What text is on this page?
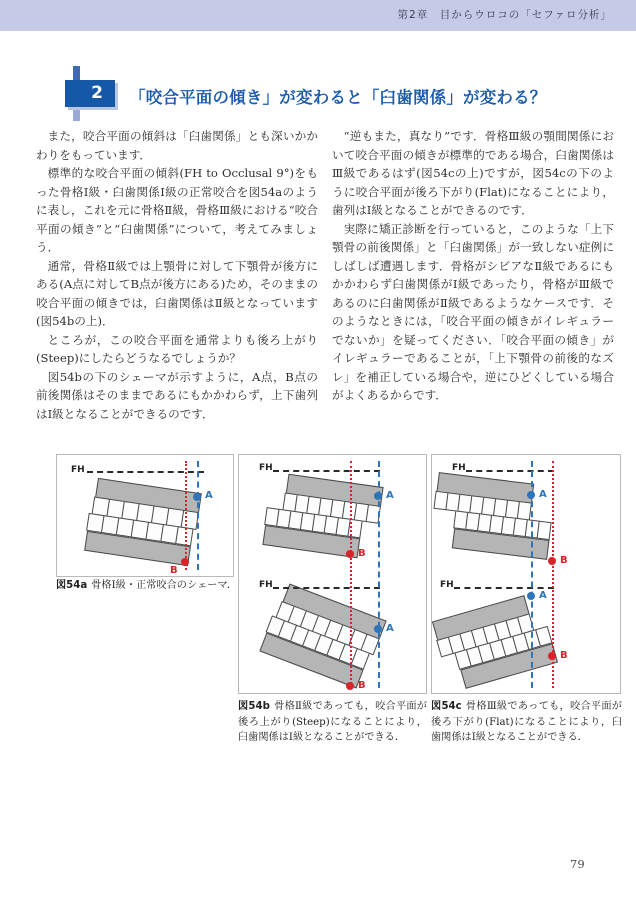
第2章　目からウロコの「セファロ分析」
2	「咬合平面の傾き」が変わると「臼歯関係」が変わる？

また，咬合平面の傾斜は「臼歯関係」とも深いかかわりをもっています．

標準的な咬合平面の傾斜(FH to Occlusal 9°)をもった骨格Ⅰ級・臼歯関係Ⅰ級の正常咬合を図54aのように表し，これを元に骨格Ⅱ級，骨格Ⅲ級における“咬合平面の傾き”と“臼歯関係”について，考えてみましょう．

通常，骨格Ⅱ級では上顎骨に対して下顎骨が後方にある(A点に対してB点が後方にある)ため，そのままの咬合平面の傾きでは，臼歯関係はⅡ級となっています(図54bの上)．

ところが，この咬合平面を通常よりも後ろ上がり(Steep)にしたらどうなるでしょうか？

図54bの下のシェーマが示すように，A点，B点の前後関係はそのままであるにもかかわらず，上下歯列はⅠ級となることができるのです．

“逆もまた，真なり”です．骨格Ⅲ級の顎間関係において咬合平面の傾きが標準的である場合，臼歯関係はⅢ級であるはず(図54cの上)ですが，図54cの下のように咬合平面が後ろ下がり(Flat)になることにより，歯列はⅠ級となることができるのです．

実際に矯正診断を行っていると，このような「上下顎骨の前後関係」と「臼歯関係」が一致しない症例にしばしば遭遇します．骨格がシビアなⅡ級であるにもかかわらず臼歯関係がⅠ級であったり，骨格がⅢ級であるのに臼歯関係がⅡ級であるようなケースです．そのようなときには，「咬合平面の傾きがイレギュラーでないか」を疑ってください．「咬合平面の傾き」がイレギュラーであることが，「上下顎骨の前後的なズレ」を補正している場合や，逆にひどくしている場合がよくあるからです．

FH
A
B
FH
FH
A
B
A
B
FH
FH
A
B
A
B
図54a 骨格Ⅰ級・正常咬合のシェーマ．
図54b 骨格Ⅱ級であっても，咬合平面が後ろ上がり(Steep)になることにより，臼歯関係はⅠ級となることができる．
図54c 骨格Ⅲ級であっても，咬合平面が後ろ下がり(Flat)になることにより，臼歯関係はⅠ級となることができる．
79
